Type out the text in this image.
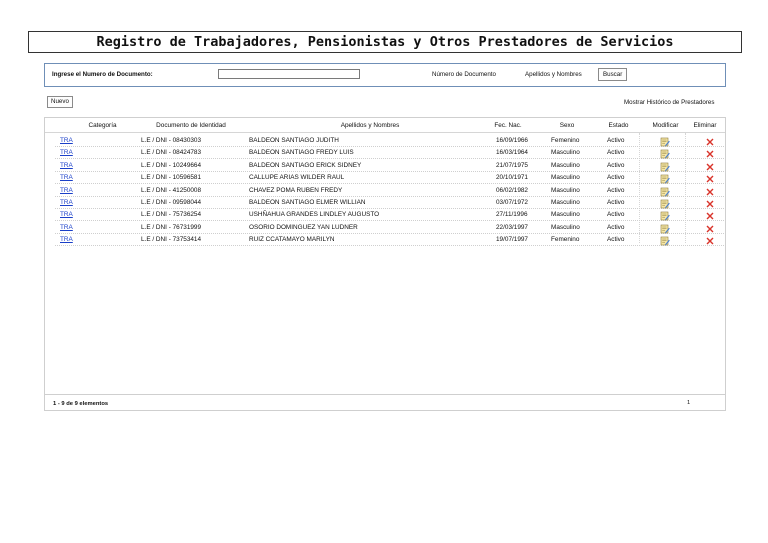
Registro de Trabajadores, Pensionistas y Otros Prestadores de Servicios
Ingrese el Numero de Documento:	Número de Documento	Apellidos y Nombres	Buscar
Nuevo	Mostrar Histórico de Prestadores
Categoría	Documento de Identidad	Apellidos y Nombres	Fec. Nac.	Sexo	Estado	Modificar	Eliminar
TRA	L.E / DNI - 08430303	BALDEON SANTIAGO JUDITH	16/09/1966	Femenino	Activo
TRA	L.E / DNI - 08424783	BALDEON SANTIAGO FREDY LUIS	16/03/1964	Masculino	Activo
TRA	L.E / DNI - 10249664	BALDEON SANTIAGO ERICK SIDNEY	21/07/1975	Masculino	Activo
TRA	L.E / DNI - 10596581	CALLUPE ARIAS WILDER RAUL	20/10/1971	Masculino	Activo
TRA	L.E / DNI - 41250008	CHAVEZ POMA RUBEN FREDY	06/02/1982	Masculino	Activo
TRA	L.E / DNI - 09598044	BALDEON SANTIAGO ELMER WILLIAN	03/07/1972	Masculino	Activo
TRA	L.E / DNI - 75736254	USHÑAHUA GRANDES LINDLEY AUGUSTO	27/11/1996	Masculino	Activo
TRA	L.E / DNI - 76731999	OSORIO DOMINGUEZ YAN LUDNER	22/03/1997	Masculino	Activo
TRA	L.E / DNI - 73753414	RUIZ CCATAMAYO MARILYN	19/07/1997	Femenino	Activo
1 - 9 de 9 elementos	1
